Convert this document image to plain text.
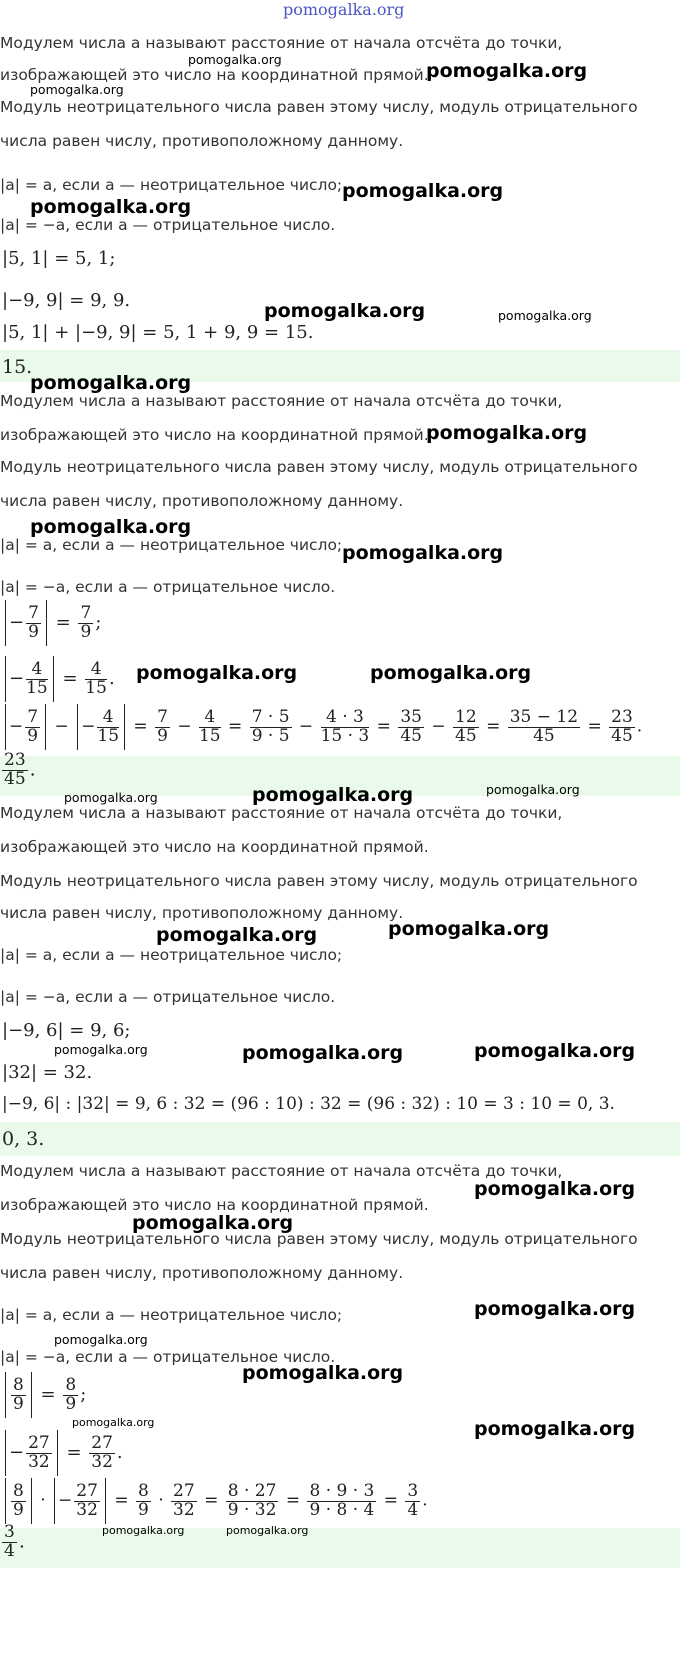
pomogalka.org
Модулем числа a называют расстояние от начала отсчёта до точки,
изображающей это число на координатной прямой.
Модуль неотрицательного числа равен этому числу, модуль отрицательного
числа равен числу, противоположному данному.
|a| = a, если a — неотрицательное число;
|a| = −a, если a — отрицательное число.
|5, 1| = 5, 1;
|−9, 9| = 9, 9.
|5, 1| + |−9, 9| = 5, 1 + 9, 9 = 15.
15.
Модулем числа a называют расстояние от начала отсчёта до точки,
изображающей это число на координатной прямой.
Модуль неотрицательного числа равен этому числу, модуль отрицательного
числа равен числу, противоположному данному.
|a| = a, если a — неотрицательное число;
|a| = −a, если a — отрицательное число.
− $\frac{7}{9} = \frac{7}{9}$ ;
− $\frac{4}{15} = \frac{4}{15}$ .
− $\frac{7}{9}$ − − $\frac{4}{15} = \frac{7}{9} - \frac{4}{15} = \frac{7 \cdot 5}{9 \cdot 5} - \frac{4 \cdot 3}{15 \cdot 3} = \frac{35}{45} - \frac{12}{45} = \frac{35 - 12}{45} = \frac{23}{45}$ .
$\frac{23}{45}$ .
Модулем числа a называют расстояние от начала отсчёта до точки,
изображающей это число на координатной прямой.
Модуль неотрицательного числа равен этому числу, модуль отрицательного
числа равен числу, противоположному данному.
|a| = a, если a — неотрицательное число;
|a| = −a, если a — отрицательное число.
|−9, 6| = 9, 6;
|32| = 32.
|−9, 6| : |32| = 9, 6 : 32 = (96 : 10) : 32 = (96 : 32) : 10 = 3 : 10 = 0, 3.
0, 3.
Модулем числа a называют расстояние от начала отсчёта до точки,
изображающей это число на координатной прямой.
Модуль неотрицательного числа равен этому числу, модуль отрицательного
числа равен числу, противоположному данному.
|a| = a, если a — неотрицательное число;
|a| = −a, если a — отрицательное число.
$\frac{8}{9} = \frac{8}{9}$ ;
− $\frac{27}{32} = \frac{27}{32}$ .
$\frac{8}{9}$ · − $\frac{27}{32} = \frac{8}{9} \cdot \frac{27}{32} = \frac{8 \cdot 27}{9 \cdot 32} = \frac{8 \cdot 9 \cdot 3}{9 \cdot 8 \cdot 4} = \frac{3}{4}$ .
$\frac{3}{4}$ .
pomogalka.org
pomogalka.org
pomogalka.org
pomogalka.org
pomogalka.org
pomogalka.org	pomogalka.org
pomogalka.org
pomogalka.org
pomogalka.org
pomogalka.org
pomogalka.org	pomogalka.org
pomogalka.org	pomogalka.org	pomogalka.org
pomogalka.org	pomogalka.org
pomogalka.org	pomogalka.org	pomogalka.org
pomogalka.org
pomogalka.org
pomogalka.org
pomogalka.org
pomogalka.org
pomogalka.org	pomogalka.org
pomogalka.org	pomogalka.org
